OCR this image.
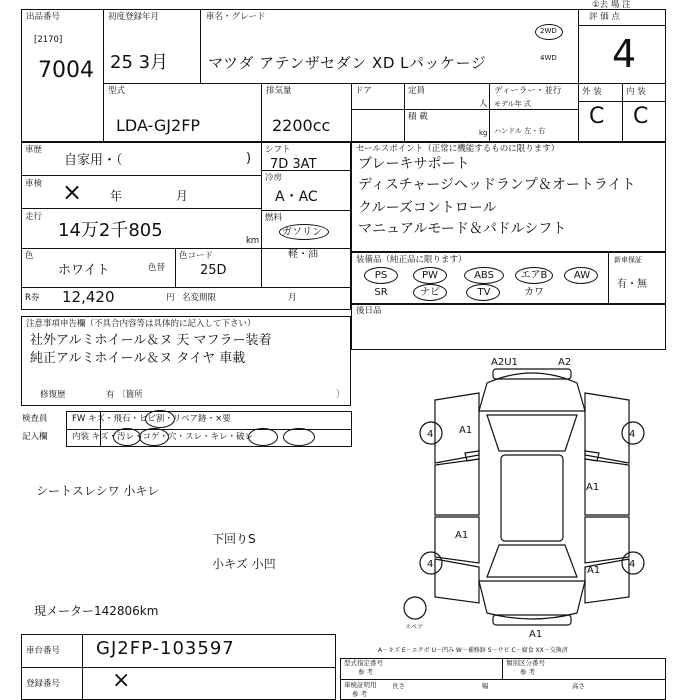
①去 場 注
出品番号
[2170]
7004
初度登録年月
25 3月
車名・グレード
マツダ アテンザセダン XD Lパッケージ
2WD
4WD
評 価 点
4
外 装	内 装
C C
型式
LDA-GJ2FP
排気量
2200cc
ドア	定員
人
ディーラー・並行
モデル年 式
積 載
kg ハンドル 左・右
車歴
自家用・（	)
車検 × 年 月
走行
14万2千805	km
色
ホワイト	色替
色コード
25D
シフト
7D 3AT
冷房
A・AC
燃料
ガソリン
軽・油
R券 12,420	円 名変期限	月
セールスポイント（正常に機能するものに限ります）
ブレーキサポート
ディスチャージヘッドランプ＆オートライト
クルーズコントロール
マニュアルモード＆パドルシフト
装備品（純正品に限ります）	新車保証
有・無
PS	PW	ABS	エアB	AW
SR	ナビ	TV	カワ
後日品
注意事項申告欄（不具合内容等は具体的に記入して下さい）
社外アルミホイール＆ヌ 天 マフラー装着
純正アルミホイール＆ヌ タイヤ 車載
修復歴	有 〔箇所	〕
検査員
記入欄
FW キズ・飛石・ヒビ割・リペア跡・×要
内装 キズ・汚レ・コゲ・穴・スレ・キレ・破レ
シートスレシワ 小キレ
下回りS
小キズ 小凹
現メーター142806km
A2U1	A2
A1
A1
A1
A1
A1
4	4
4	4
スペア
A－キズ E－エクボ U－凹み W－補修跡 S－サビ C－腐食 XX－交換済
車台番号 GJ2FP-103597
登録番号 ×
型式指定番号
参 考
類別区分番号
参 考
車検証明用
参 考
長さ	幅	高さ
